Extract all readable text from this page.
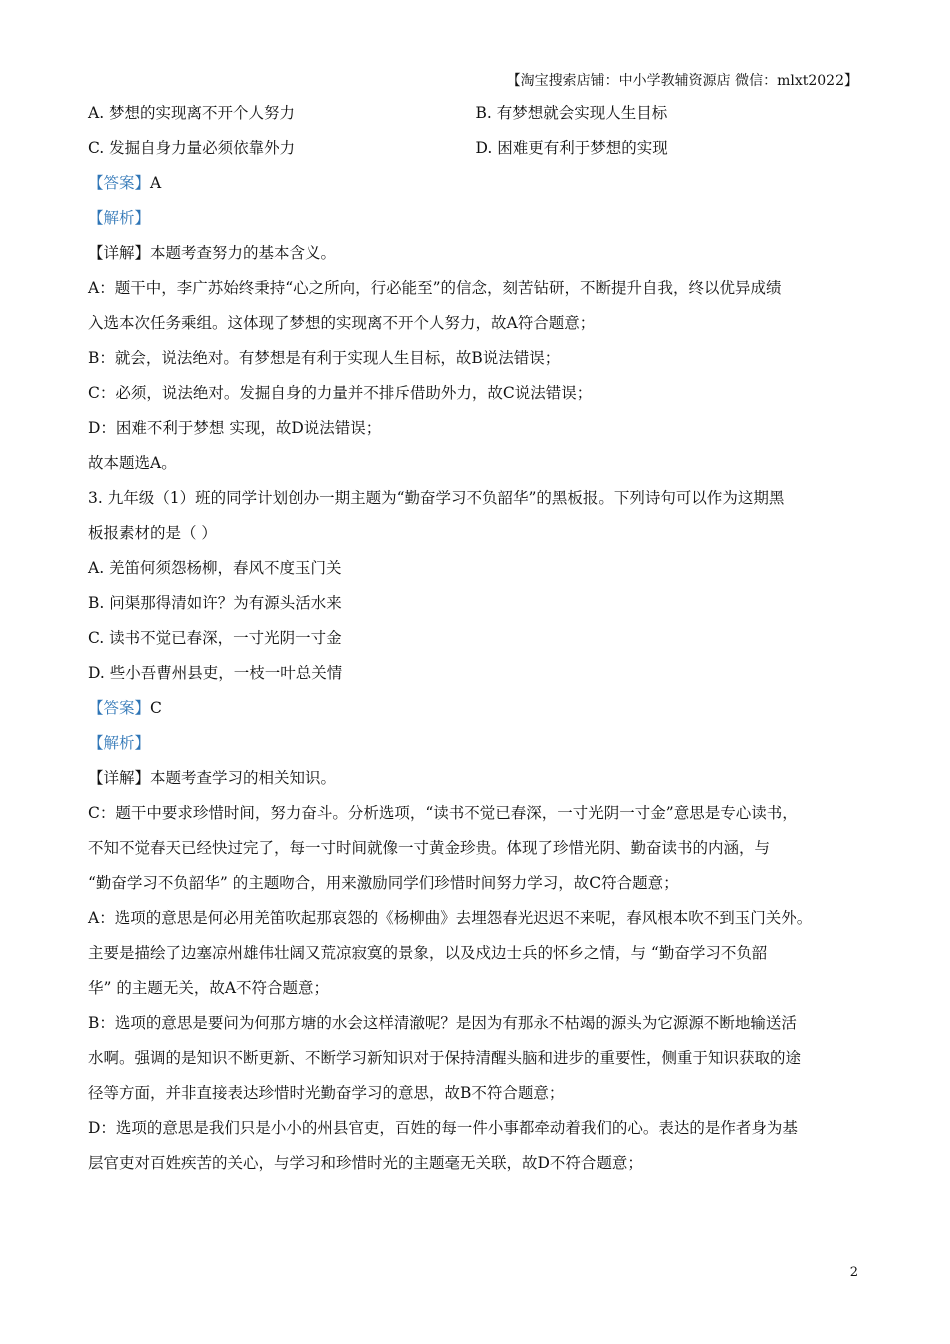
【淘宝搜索店铺：中小学教辅资源店 微信：mlxt2022】
A. 梦想的实现离不开个人努力	B. 有梦想就会实现人生目标
C. 发掘自身力量必须依靠外力	D. 困难更有利于梦想的实现
【答案】A
【解析】
【详解】本题考查努力的基本含义。
A：题干中，李广苏始终秉持“心之所向，行必能至”的信念，刻苦钻研，不断提升自我，终以优异成绩
入选本次任务乘组。这体现了梦想的实现离不开个人努力，故A符合题意；
B：就会，说法绝对。有梦想是有利于实现人生目标，故B说法错误；
C：必须，说法绝对。发掘自身的力量并不排斥借助外力，故C说法错误；
D：困难不利于梦想 实现，故D说法错误；
故本题选A。
3. 九年级（1）班的同学计划创办一期主题为“勤奋学习不负韶华”的黑板报。下列诗句可以作为这期黑
板报素材的是（ ）
A. 羌笛何须怨杨柳，春风不度玉门关
B. 问渠那得清如许？为有源头活水来
C. 读书不觉已春深，一寸光阴一寸金
D. 些小吾曹州县吏，一枝一叶总关情
【答案】C
【解析】
【详解】本题考查学习的相关知识。
C：题干中要求珍惜时间，努力奋斗。分析选项，“读书不觉已春深，一寸光阴一寸金”意思是专心读书，
不知不觉春天已经快过完了，每一寸时间就像一寸黄金珍贵。体现了珍惜光阴、勤奋读书的内涵，与
“勤奋学习不负韶华” 的主题吻合，用来激励同学们珍惜时间努力学习，故C符合题意；
A：选项的意思是何必用羌笛吹起那哀怨的《杨柳曲》去埋怨春光迟迟不来呢，春风根本吹不到玉门关外。
主要是描绘了边塞凉州雄伟壮阔又荒凉寂寞的景象，以及戍边士兵的怀乡之情，与 “勤奋学习不负韶
华” 的主题无关，故A不符合题意；
B：选项的意思是要问为何那方塘的水会这样清澈呢？是因为有那永不枯竭的源头为它源源不断地输送活
水啊。强调的是知识不断更新、不断学习新知识对于保持清醒头脑和进步的重要性，侧重于知识获取的途
径等方面，并非直接表达珍惜时光勤奋学习的意思，故B不符合题意；
D：选项的意思是我们只是小小的州县官吏，百姓的每一件小事都牵动着我们的心。表达的是作者身为基
层官吏对百姓疾苦的关心，与学习和珍惜时光的主题毫无关联，故D不符合题意；
2
